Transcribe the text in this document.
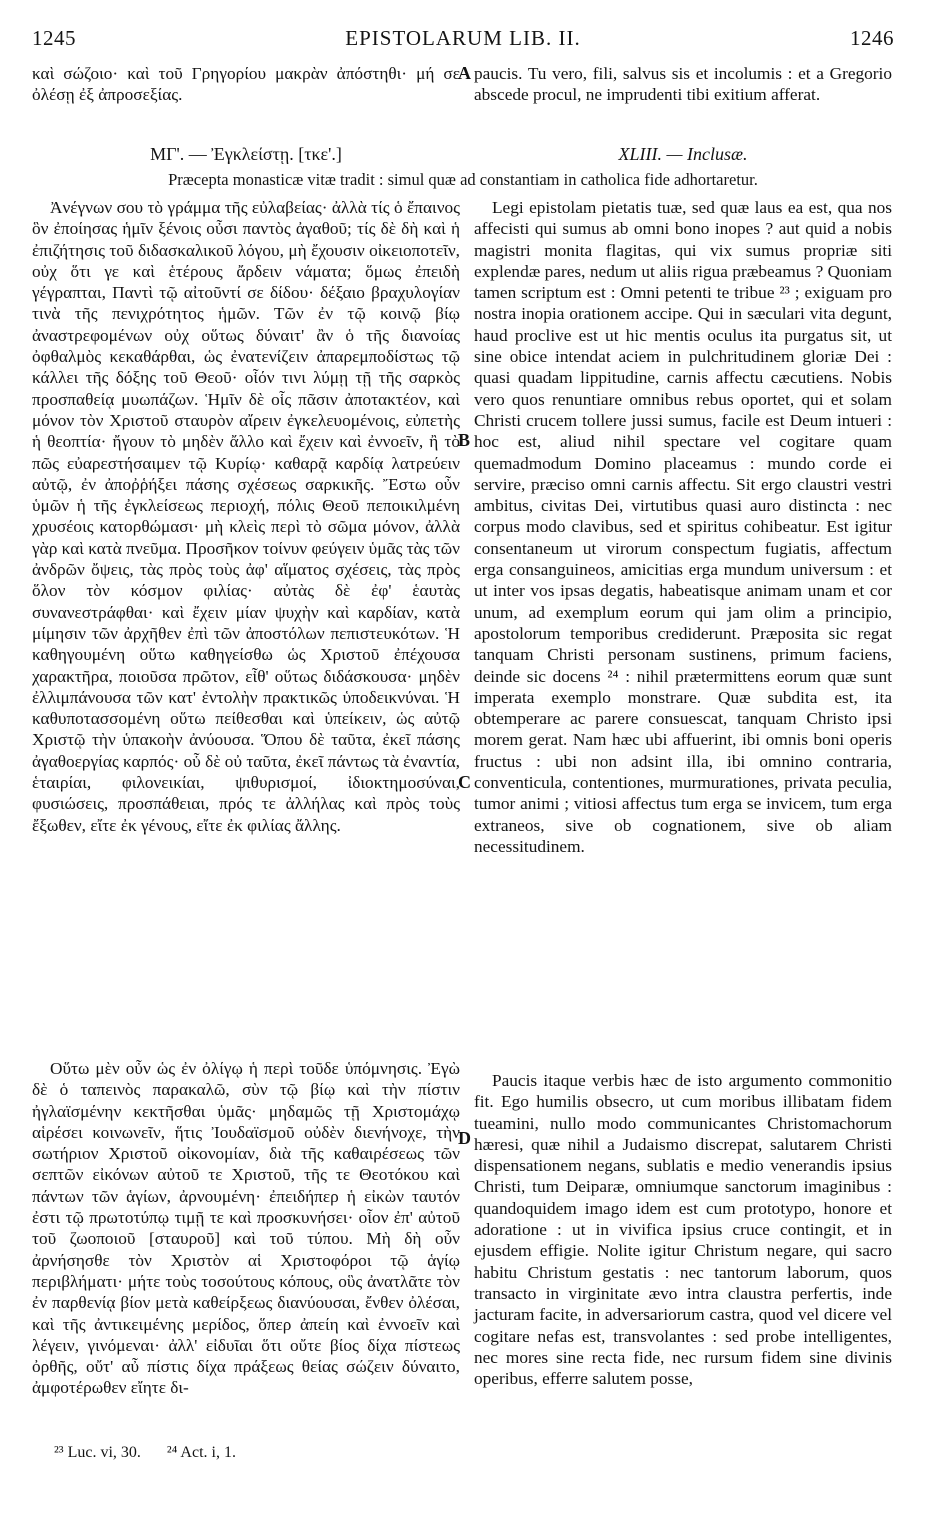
1245	EPISTOLARUM LIB. II.	1246

καὶ σώζοιο· καὶ τοῦ Γρηγορίου μακρὰν ἀπόστηθι· μή σε ὀλέσῃ ἐξ ἀπροσεξίας.

paucis. Tu vero, fili, salvus sis et incolumis : et a Gregorio abscede procul, ne imprudenti tibi exitium afferat.

ΜΓ'. — Ἐγκλείστῃ. [τκε'.]	XLIII. — Inclusæ.
Præcepta monasticæ vitæ tradit : simul quæ ad constantiam in catholica fide adhortaretur.

Ἀνέγνων σου τὸ γράμμα τῆς εὐλαβείας· ἀλλὰ τίς ὁ ἔπαινος ὃν ἐποίησας ἡμῖν ξένοις οὖσι παντὸς ἀγαθοῦ; τίς δὲ δὴ καὶ ἡ ἐπιζήτησις τοῦ διδασκαλικοῦ λόγου, μὴ ἔχουσιν οἰκειοποτεῖν, οὐχ ὅτι γε καὶ ἑτέρους ἄρδειν νάματα; ὅμως ἐπειδὴ γέγραπται, Παντὶ τῷ αἰτοῦντί σε δίδου· δέξαιο βραχυλογίαν τινὰ τῆς πενιχρότητος ἡμῶν. Τῶν ἐν τῷ κοινῷ βίῳ ἀναστρεφομένων οὐχ οὕτως δύναιτ' ἂν ὁ τῆς διανοίας ὀφθαλμὸς κεκαθάρθαι, ὡς ἐνατενίζειν ἀπαρεμποδίστως τῷ κάλλει τῆς δόξης τοῦ Θεοῦ· οἷόν τινι λύμῃ τῇ τῆς σαρκὸς προσπαθείᾳ μυωπάζων. Ἡμῖν δὲ οἷς πᾶσιν ἀποτακτέον, καὶ μόνον τὸν Χριστοῦ σταυρὸν αἴρειν ἐγκελευομένοις, εὐπετὴς ἡ θεοπτία· ἤγουν τὸ μηδὲν ἄλλο καὶ ἔχειν καὶ ἐννοεῖν, ἢ τὸ πῶς εὐαρεστήσαιμεν τῷ Κυρίῳ· καθαρᾷ καρδίᾳ λατρεύειν αὐτῷ, ἐν ἀποῤῥήξει πάσης σχέσεως σαρκικῆς. Ἔστω οὖν ὑμῶν ἡ τῆς ἐγκλείσεως περιοχή, πόλις Θεοῦ πεποικιλμένη χρυσέοις κατορθώμασι· μὴ κλεὶς περὶ τὸ σῶμα μόνον, ἀλλὰ γὰρ καὶ κατὰ πνεῦμα. Προσῆκον τοίνυν φεύγειν ὑμᾶς τὰς τῶν ἀνδρῶν ὄψεις, τὰς πρὸς τοὺς ἀφ' αἵματος σχέσεις, τὰς πρὸς ὅλον τὸν κόσμον φιλίας· αὐτὰς δὲ ἐφ' ἑαυτὰς συνανεστράφθαι· καὶ ἔχειν μίαν ψυχὴν καὶ καρδίαν, κατὰ μίμησιν τῶν ἀρχῆθεν ἐπὶ τῶν ἀποστόλων πεπιστευκότων. Ἡ καθηγουμένη οὕτω καθηγείσθω ὡς Χριστοῦ ἐπέχουσα χαρακτῆρα, ποιοῦσα πρῶτον, εἶθ' οὕτως διδάσκουσα· μηδὲν ἐλλιμπάνουσα τῶν κατ' ἐντολὴν πρακτικῶς ὑποδεικνύναι. Ἡ καθυποτασσομένη οὕτω πείθεσθαι καὶ ὑπείκειν, ὡς αὐτῷ Χριστῷ τὴν ὑπακοὴν ἀνύουσα. Ὅπου δὲ ταῦτα, ἐκεῖ πάσης ἀγαθοεργίας καρπός· οὗ δὲ οὐ ταῦτα, ἐκεῖ πάντως τὰ ἐναντία, ἑταιρίαι, φιλονεικίαι, ψιθυρισμοί, ἰδιοκτημοσύναι, φυσιώσεις, προσπάθειαι, πρός τε ἀλλήλας καὶ πρὸς τοὺς ἔξωθεν, εἴτε ἐκ γένους, εἴτε ἐκ φιλίας ἄλλης.

Legi epistolam pietatis tuæ, sed quæ laus ea est, qua nos affecisti qui sumus ab omni bono inopes ? aut quid a nobis magistri monita flagitas, qui vix sumus propriæ siti explendæ pares, nedum ut aliis rigua præbeamus ? Quoniam tamen scriptum est : Omni petenti te tribue ²³ ; exiguam pro nostra inopia orationem accipe. Qui in sæculari vita degunt, haud proclive est ut hic mentis oculus ita purgatus sit, ut sine obice intendat aciem in pulchritudinem gloriæ Dei : quasi quadam lippitudine, carnis affectu cæcutiens. Nobis vero quos renuntiare omnibus rebus oportet, qui et solam Christi crucem tollere jussi sumus, facile est Deum intueri : hoc est, aliud nihil spectare vel cogitare quam quemadmodum Domino placeamus : mundo corde ei servire, præciso omni carnis affectu. Sit ergo claustri vestri ambitus, civitas Dei, virtutibus quasi auro distincta : nec corpus modo clavibus, sed et spiritus cohibeatur. Est igitur consentaneum ut virorum conspectum fugiatis, affectum erga consanguineos, amicitias erga mundum universum : et ut inter vos ipsas degatis, habeatisque animam unam et cor unum, ad exemplum eorum qui jam olim a principio, apostolorum temporibus crediderunt. Præposita sic regat tanquam Christi personam sustinens, primum faciens, deinde sic docens ²⁴ : nihil prætermittens eorum quæ sunt imperata exemplo monstrare. Quæ subdita est, ita obtemperare ac parere consuescat, tanquam Christo ipsi morem gerat. Nam hæc ubi affuerint, ibi omnis boni operis fructus : ubi non adsint illa, ibi omnino contraria, conventicula, contentiones, murmurationes, privata peculia, tumor animi ; vitiosi affectus tum erga se invicem, tum erga extraneos, sive ob cognationem, sive ob aliam necessitudinem.

Οὕτω μὲν οὖν ὡς ἐν ὀλίγῳ ἡ περὶ τοῦδε ὑπόμνησις. Ἐγὼ δὲ ὁ ταπεινὸς παρακαλῶ, σὺν τῷ βίῳ καὶ τὴν πίστιν ἠγλαϊσμένην κεκτῆσθαι ὑμᾶς· μηδαμῶς τῇ Χριστομάχῳ αἱρέσει κοινωνεῖν, ἥτις Ἰουδαϊσμοῦ οὐδὲν διενήνοχε, τὴν σωτήριον Χριστοῦ οἰκονομίαν, διὰ τῆς καθαιρέσεως τῶν σεπτῶν εἰκόνων αὐτοῦ τε Χριστοῦ, τῆς τε Θεοτόκου καὶ πάντων τῶν ἁγίων, ἀρνουμένη· ἐπειδήπερ ἡ εἰκὼν ταυτόν ἐστι τῷ πρωτοτύπῳ τιμῇ τε καὶ προσκυνήσει· οἷον ἐπ' αὐτοῦ τοῦ ζωοποιοῦ [σταυροῦ] καὶ τοῦ τύπου. Μὴ δὴ οὖν ἀρνήσησθε τὸν Χριστὸν αἱ Χριστοφόροι τῷ ἁγίῳ περιβλήματι· μήτε τοὺς τοσούτους κόπους, οὓς ἀνατλᾶτε τὸν ἐν παρθενίᾳ βίον μετὰ καθείρξεως διανύουσαι, ἔνθεν ὀλέσαι, καὶ τῆς ἀντικειμένης μερίδος, ὅπερ ἀπείη καὶ ἐννοεῖν καὶ λέγειν, γινόμεναι· ἀλλ' εἰδυῖαι ὅτι οὔτε βίος δίχα πίστεως ὀρθῆς, οὔτ' αὖ πίστις δίχα πράξεως θείας σώζειν δύναιτο, ἀμφοτέρωθεν εἴητε δι-

Paucis itaque verbis hæc de isto argumento commonitio fit. Ego humilis obsecro, ut cum moribus illibatam fidem tueamini, nullo modo communicantes Christomachorum hæresi, quæ nihil a Judaismo discrepat, salutarem Christi dispensationem negans, sublatis e medio venerandis ipsius Christi, tum Deiparæ, omniumque sanctorum imaginibus : quandoquidem imago idem est cum prototypo, honore et adoratione : ut in vivifica ipsius cruce contingit, et in ejusdem effigie. Nolite igitur Christum negare, qui sacro habitu Christum gestatis : nec tantorum laborum, quos transacto in virginitate ævo intra claustra perfertis, inde jacturam facite, in adversariorum castra, quod vel dicere vel cogitare nefas est, transvolantes : sed probe intelligentes, nec mores sine recta fide, nec rursum fidem sine divinis operibus, efferre salutem posse,

A
B
C
D
²³ Luc. vi, 30. ²⁴ Act. i, 1.
